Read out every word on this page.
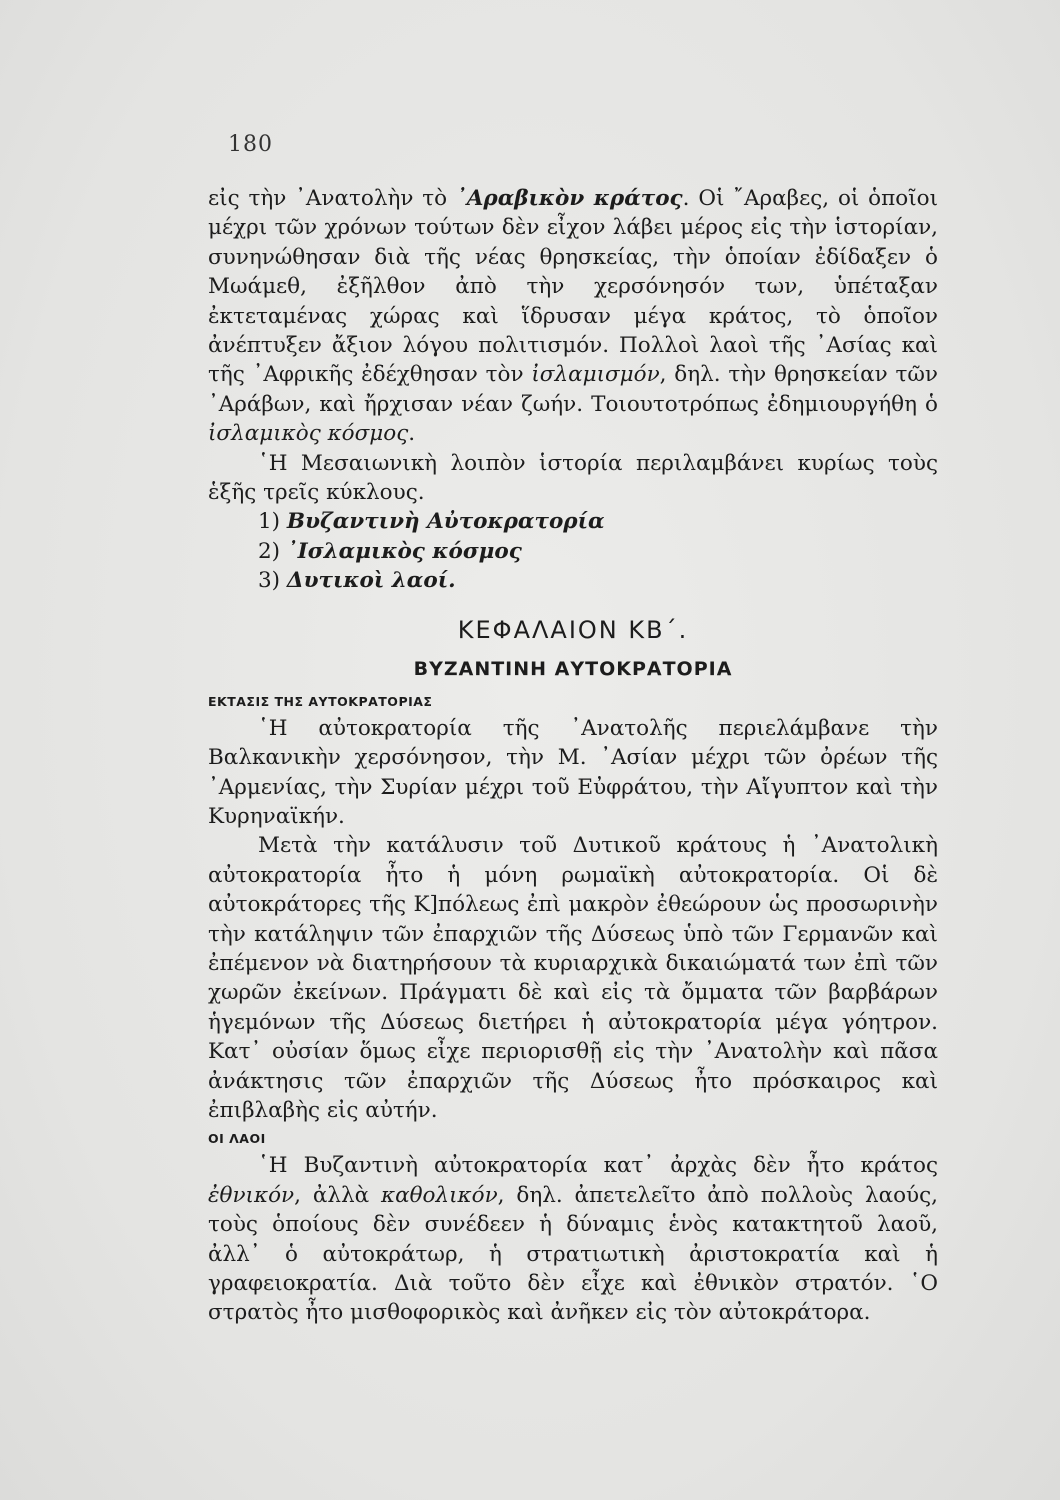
180

εἰς τὴν ᾿Ανατολὴν τὸ ᾿Αραβικὸν κράτος. Οἱ ῎Αραβες, οἱ ὁποῖοι μέχρι τῶν χρόνων τούτων δὲν εἶχον λάβει μέρος εἰς τὴν ἱστορίαν, συνηνώθησαν διὰ τῆς νέας θρησκείας, τὴν ὁποίαν ἐδίδαξεν ὁ Μωάμεθ, ἐξῆλθον ἀπὸ τὴν χερσόνησόν των, ὑπέταξαν ἐκτεταμένας χώρας καὶ ἵδρυσαν μέγα κράτος, τὸ ὁποῖον ἀνέπτυξεν ἄξιον λόγου πολιτισμόν. Πολλοὶ λαοὶ τῆς ᾿Ασίας καὶ τῆς ᾿Αφρικῆς ἐδέχθησαν τὸν ἰσλαμισμόν, δηλ. τὴν θρησκείαν τῶν ᾿Αράβων, καὶ ἤρχισαν νέαν ζωήν. Τοιουτοτρόπως ἐδημιουργήθη ὁ ἰσλαμικὸς κόσμος.

῾Η Μεσαιωνικὴ λοιπὸν ἱστορία περιλαμβάνει κυρίως τοὺς ἑξῆς τρεῖς κύκλους.

1) Βυζαντινὴ Αὐτοκρατορία
2) ᾿Ισλαμικὸς κόσμος
3) Δυτικοὶ λαοί.
ΚΕΦΑΛΑΙΟΝ ΚΒ΄.
ΒΥΖΑΝΤΙΝΗ ΑΥΤΟΚΡΑΤΟΡΙΑ
ΕΚΤΑΣΙΣ ΤΗΣ ΑΥΤΟΚΡΑΤΟΡΙΑΣ

῾Η αὐτοκρατορία τῆς ᾿Ανατολῆς περιελάμβανε τὴν Βαλκανικὴν χερσόνησον, τὴν Μ. ᾿Ασίαν μέχρι τῶν ὀρέων τῆς ᾿Αρμενίας, τὴν Συρίαν μέχρι τοῦ Εὐφράτου, τὴν Αἴγυπτον καὶ τὴν Κυρηναϊκήν.

Μετὰ τὴν κατάλυσιν τοῦ Δυτικοῦ κράτους ἡ ᾿Ανατολικὴ αὐτοκρατορία ἦτο ἡ μόνη ρωμαϊκὴ αὐτοκρατορία. Οἱ δὲ αὐτοκράτορες τῆς Κ]πόλεως ἐπὶ μακρὸν ἐθεώρουν ὡς προσωρινὴν τὴν κατάληψιν τῶν ἐπαρχιῶν τῆς Δύσεως ὑπὸ τῶν Γερμανῶν καὶ ἐπέμενον νὰ διατηρήσουν τὰ κυριαρχικὰ δικαιώματά των ἐπὶ τῶν χωρῶν ἐκείνων. Πράγματι δὲ καὶ εἰς τὰ ὄμματα τῶν βαρβάρων ἡγεμόνων τῆς Δύσεως διετήρει ἡ αὐτοκρατορία μέγα γόητρον. Κατ᾿ οὐσίαν ὅμως εἶχε περιορισθῇ εἰς τὴν ᾿Ανατολὴν καὶ πᾶσα ἀνάκτησις τῶν ἐπαρχιῶν τῆς Δύσεως ἦτο πρόσκαιρος καὶ ἐπιβλαβὴς εἰς αὐτήν.

ΟΙ ΛΑΟΙ

῾Η Βυζαντινὴ αὐτοκρατορία κατ᾿ ἀρχὰς δὲν ἦτο κράτος ἐθνικόν, ἀλλὰ καθολικόν, δηλ. ἀπετελεῖτο ἀπὸ πολλοὺς λαούς, τοὺς ὁποίους δὲν συνέδεεν ἡ δύναμις ἑνὸς κατακτητοῦ λαοῦ, ἀλλ᾿ ὁ αὐτοκράτωρ, ἡ στρατιωτικὴ ἀριστοκρατία καὶ ἡ γραφειοκρατία. Διὰ τοῦτο δὲν εἶχε καὶ ἐθνικὸν στρατόν. ῾Ο στρατὸς ἦτο μισθοφορικὸς καὶ ἀνῆκεν εἰς τὸν αὐτοκράτορα.
